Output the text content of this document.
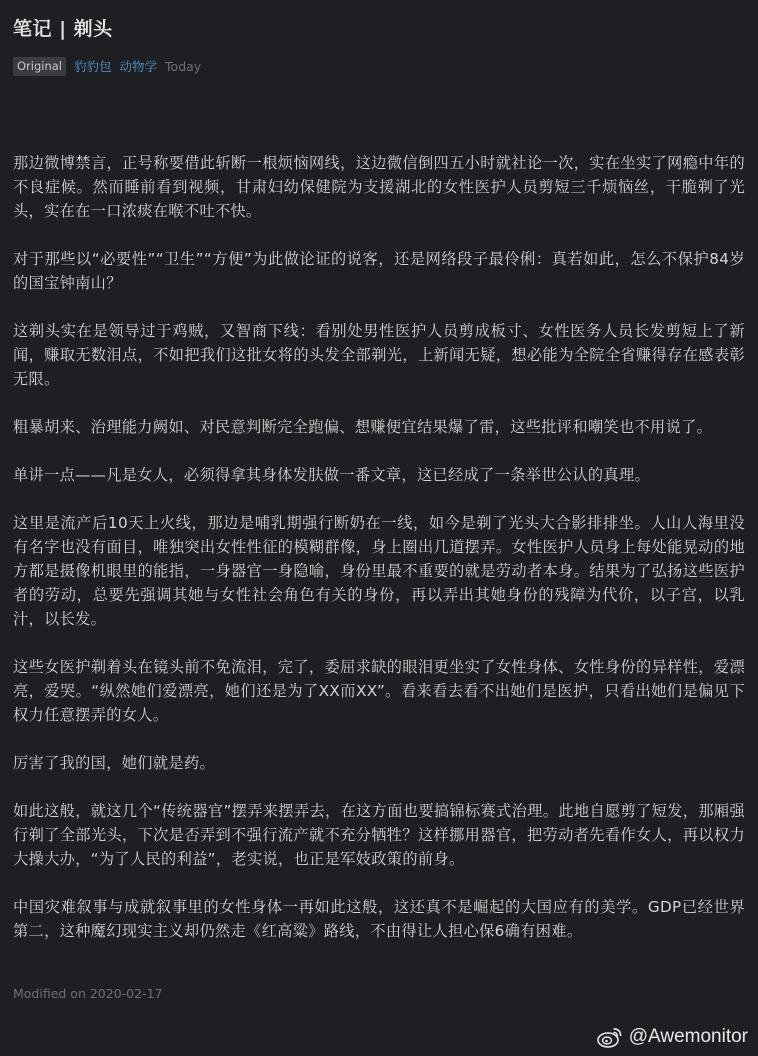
笔记 | 剃头
Original 豹豹包 动物学 Today

那边微博禁言，正号称要借此斩断一根烦恼网线，这边微信倒四五小时就社论一次，实在坐实了网瘾中年的不良症候。然而睡前看到视频，甘肃妇幼保健院为支援湖北的女性医护人员剪短三千烦恼丝，干脆剃了光头，实在在一口浓痰在喉不吐不快。

对于那些以“必要性”“卫生”“方便”为此做论证的说客，还是网络段子最伶俐：真若如此，怎么不保护84岁的国宝钟南山？

这剃头实在是领导过于鸡贼，又智商下线：看别处男性医护人员剪成板寸、女性医务人员长发剪短上了新闻，赚取无数泪点，不如把我们这批女将的头发全部剃光，上新闻无疑，想必能为全院全省赚得存在感表彰无限。

粗暴胡来、治理能力阙如、对民意判断完全跑偏、想赚便宜结果爆了雷，这些批评和嘲笑也不用说了。

单讲一点——凡是女人，必须得拿其身体发肤做一番文章，这已经成了一条举世公认的真理。

这里是流产后10天上火线，那边是哺乳期强行断奶在一线，如今是剃了光头大合影排排坐。人山人海里没有名字也没有面目，唯独突出女性性征的模糊群像，身上圈出几道摆弄。女性医护人员身上每处能晃动的地方都是摄像机眼里的能指，一身器官一身隐喻，身份里最不重要的就是劳动者本身。结果为了弘扬这些医护者的劳动，总要先强调其她与女性社会角色有关的身份，再以弄出其她身份的残障为代价，以子宫，以乳汁，以长发。

这些女医护剃着头在镜头前不免流泪，完了，委屈求缺的眼泪更坐实了女性身体、女性身份的异样性，爱漂亮，爱哭。“纵然她们爱漂亮，她们还是为了XX而XX”。看来看去看不出她们是医护，只看出她们是偏见下权力任意摆弄的女人。

厉害了我的国，她们就是药。

如此这般，就这几个“传统器官”摆弄来摆弄去，在这方面也要搞锦标赛式治理。此地自愿剪了短发，那厢强行剃了全部光头，下次是否弄到不强行流产就不充分牺牲？这样挪用器官，把劳动者先看作女人，再以权力大操大办，“为了人民的利益”，老实说，也正是军妓政策的前身。

中国灾难叙事与成就叙事里的女性身体一再如此这般，这还真不是崛起的大国应有的美学。GDP已经世界第二，这种魔幻现实主义却仍然走《红高粱》路线，不由得让人担心保6确有困难。

Modified on 2020-02-17
@Awemonitor
